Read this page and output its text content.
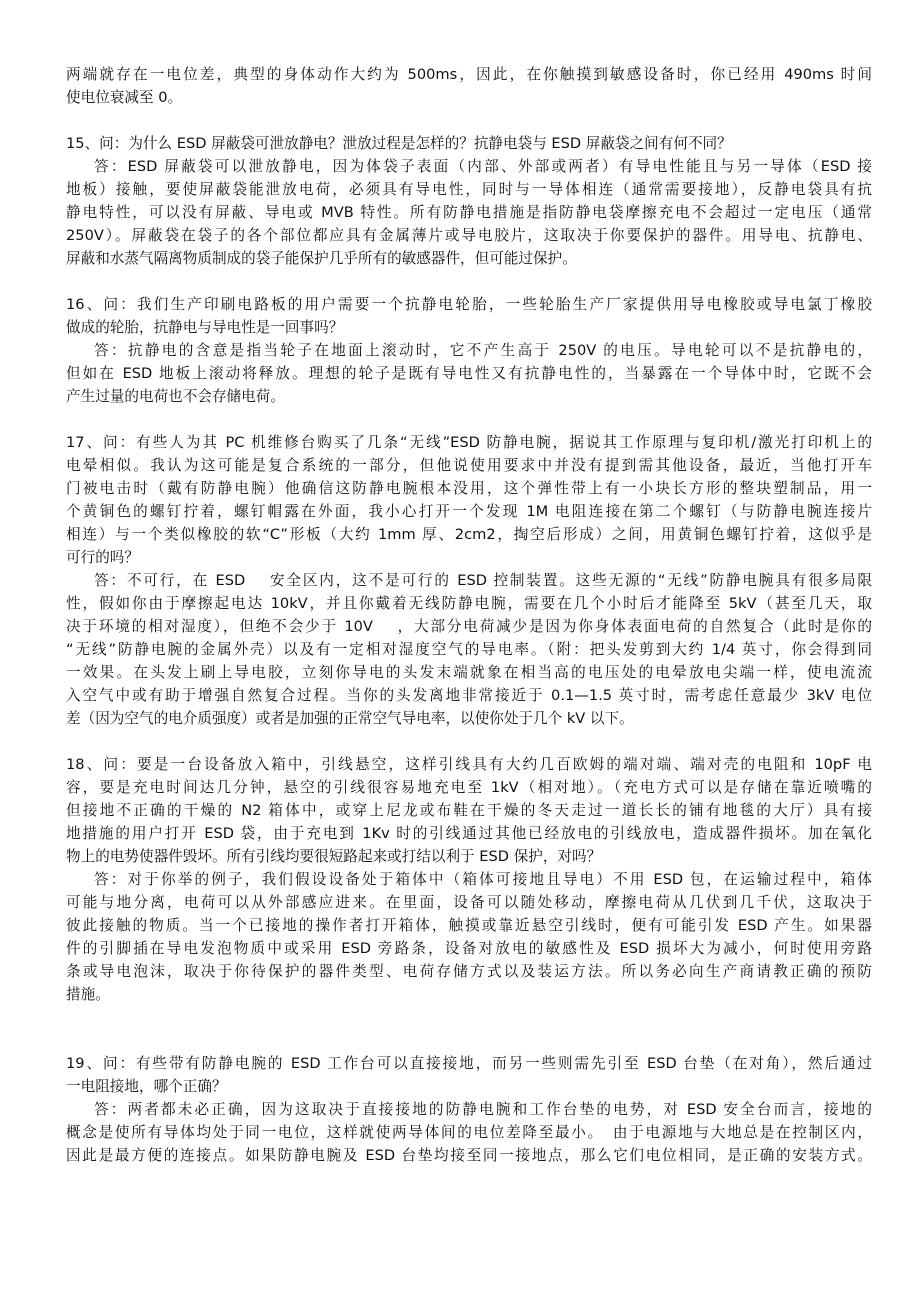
两端就存在一电位差，典型的身体动作大约为 500ms，因此，在你触摸到敏感设备时，你已经用 490ms 时间
使电位衰减至 0。
15、问：为什么 ESD 屏蔽袋可泄放静电？泄放过程是怎样的？抗静电袋与 ESD 屏蔽袋之间有何不同？
答：ESD 屏蔽袋可以泄放静电，因为体袋子表面（内部、外部或两者）有导电性能且与另一导体（ESD 接
地板）接触，要使屏蔽袋能泄放电荷，必须具有导电性，同时与一导体相连（通常需要接地），反静电袋具有抗
静电特性，可以没有屏蔽、导电或 MVB 特性。所有防静电措施是指防静电袋摩擦充电不会超过一定电压（通常
250V）。屏蔽袋在袋子的各个部位都应具有金属薄片或导电胶片，这取决于你要保护的器件。用导电、抗静电、
屏蔽和水蒸气隔离物质制成的袋子能保护几乎所有的敏感器件，但可能过保护。
16、问：我们生产印刷电路板的用户需要一个抗静电轮胎，一些轮胎生产厂家提供用导电橡胶或导电氯丁橡胶
做成的轮胎，抗静电与导电性是一回事吗？
答：抗静电的含意是指当轮子在地面上滚动时，它不产生高于 250V 的电压。导电轮可以不是抗静电的，
但如在 ESD 地板上滚动将释放。理想的轮子是既有导电性又有抗静电性的，当暴露在一个导体中时，它既不会
产生过量的电荷也不会存储电荷。
17、问：有些人为其 PC 机维修台购买了几条“无线”ESD 防静电腕，据说其工作原理与复印机/激光打印机上的
电晕相似。我认为这可能是复合系统的一部分，但他说使用要求中并没有提到需其他设备，最近，当他打开车
门被电击时（戴有防静电腕）他确信这防静电腕根本没用，这个弹性带上有一小块长方形的整块塑制品，用一
个黄铜色的螺钉拧着，螺钉帽露在外面，我小心打开一个发现 1M 电阻连接在第二个螺钉（与防静电腕连接片
相连）与一个类似橡胶的软“C”形板（大约 1mm 厚、2cm2，掏空后形成）之间，用黄铜色螺钉拧着，这似乎是
可行的吗？
答：不可行，在 ESD　 安全区内，这不是可行的 ESD 控制装置。这些无源的“无线”防静电腕具有很多局限
性，假如你由于摩擦起电达 10kV，并且你戴着无线防静电腕，需要在几个小时后才能降至 5kV（甚至几天，取
决于环境的相对湿度），但绝不会少于 10V　 ，大部分电荷减少是因为你身体表面电荷的自然复合（此时是你的
“无线”防静电腕的金属外壳）以及有一定相对湿度空气的导电率。（附：把头发剪到大约 1/4 英寸，你会得到同
一效果。在头发上刷上导电胶，立刻你导电的头发末端就象在相当高的电压处的电晕放电尖端一样，使电流流
入空气中或有助于增强自然复合过程。当你的头发离地非常接近于 0.1—1.5 英寸时，需考虑任意最少 3kV 电位
差（因为空气的电介质强度）或者是加强的正常空气导电率，以使你处于几个 kV 以下。
18、问：要是一台设备放入箱中，引线悬空，这样引线具有大约几百欧姆的端对端、端对壳的电阻和 10pF 电
容，要是充电时间达几分钟，悬空的引线很容易地充电至 1kV（相对地）。（充电方式可以是存储在靠近喷嘴的
但接地不正确的干燥的 N2 箱体中，或穿上尼龙或布鞋在干燥的冬天走过一道长长的铺有地毯的大厅）具有接
地措施的用户打开 ESD 袋，由于充电到 1Kv 时的引线通过其他已经放电的引线放电，造成器件损坏。加在氧化
物上的电势使器件毁坏。所有引线均要很短路起来或打结以利于 ESD 保护，对吗？
答：对于你举的例子，我们假设设备处于箱体中（箱体可接地且导电）不用 ESD 包，在运输过程中，箱体
可能与地分离，电荷可以从外部感应进来。在里面，设备可以随处移动，摩擦电荷从几伏到几千伏，这取决于
彼此接触的物质。当一个已接地的操作者打开箱体，触摸或靠近悬空引线时，便有可能引发 ESD 产生。如果器
件的引脚插在导电发泡物质中或采用 ESD 旁路条，设备对放电的敏感性及 ESD 损坏大为减小，何时使用旁路
条或导电泡沫，取决于你待保护的器件类型、电荷存储方式以及装运方法。所以务必向生产商请教正确的预防
措施。
19、问：有些带有防静电腕的 ESD 工作台可以直接接地，而另一些则需先引至 ESD 台垫（在对角），然后通过
一电阻接地，哪个正确？
答：两者都未必正确，因为这取决于直接接地的防静电腕和工作台垫的电势，对 ESD 安全台而言，接地的
概念是使所有导体均处于同一电位，这样就使两导体间的电位差降至最小。　由于电源地与大地总是在控制区内，
因此是最方便的连接点。如果防静电腕及 ESD 台垫均接至同一接地点，那么它们电位相同，是正确的安装方式。
